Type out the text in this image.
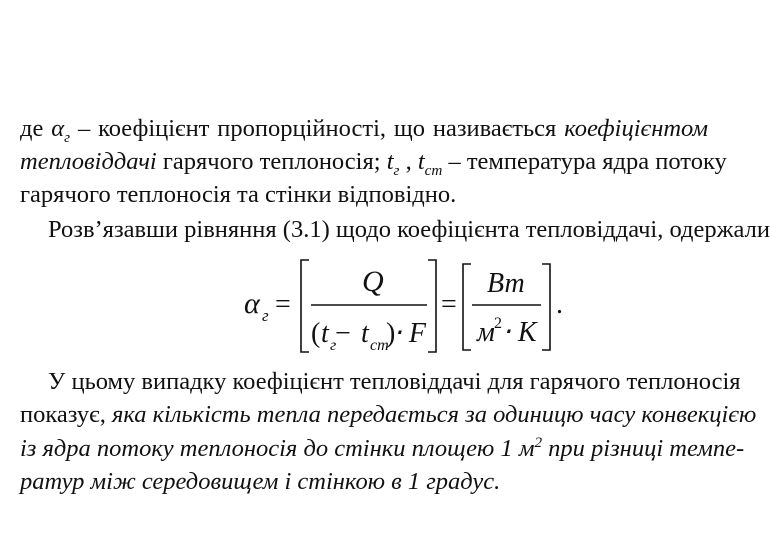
де $\alpha_г$ – коефіцієнт пропорційності, що називається коефіцієнтом
тепловіддачі гарячого теплоносія; $t_г$ , $t_{ст}$ – температура ядра потоку
гарячого теплоносія та стінки відповідно.
Розв’язавши рівняння (3.1) щодо коефіцієнта тепловіддачі, одержали
α г =
Q
( t г
− t ст
)
⋅ F
=
Вт
м 2 ⋅ K
.
У цьому випадку коефіцієнт тепловіддачі для гарячого теплоносія
показує, яка кількість тепла передається за одиницю часу конвекцією
із ядра потоку теплоносія до стінки площею 1 $м^2$ при різниці темпе-
ратур між середовищем і стінкою в 1 градус.
